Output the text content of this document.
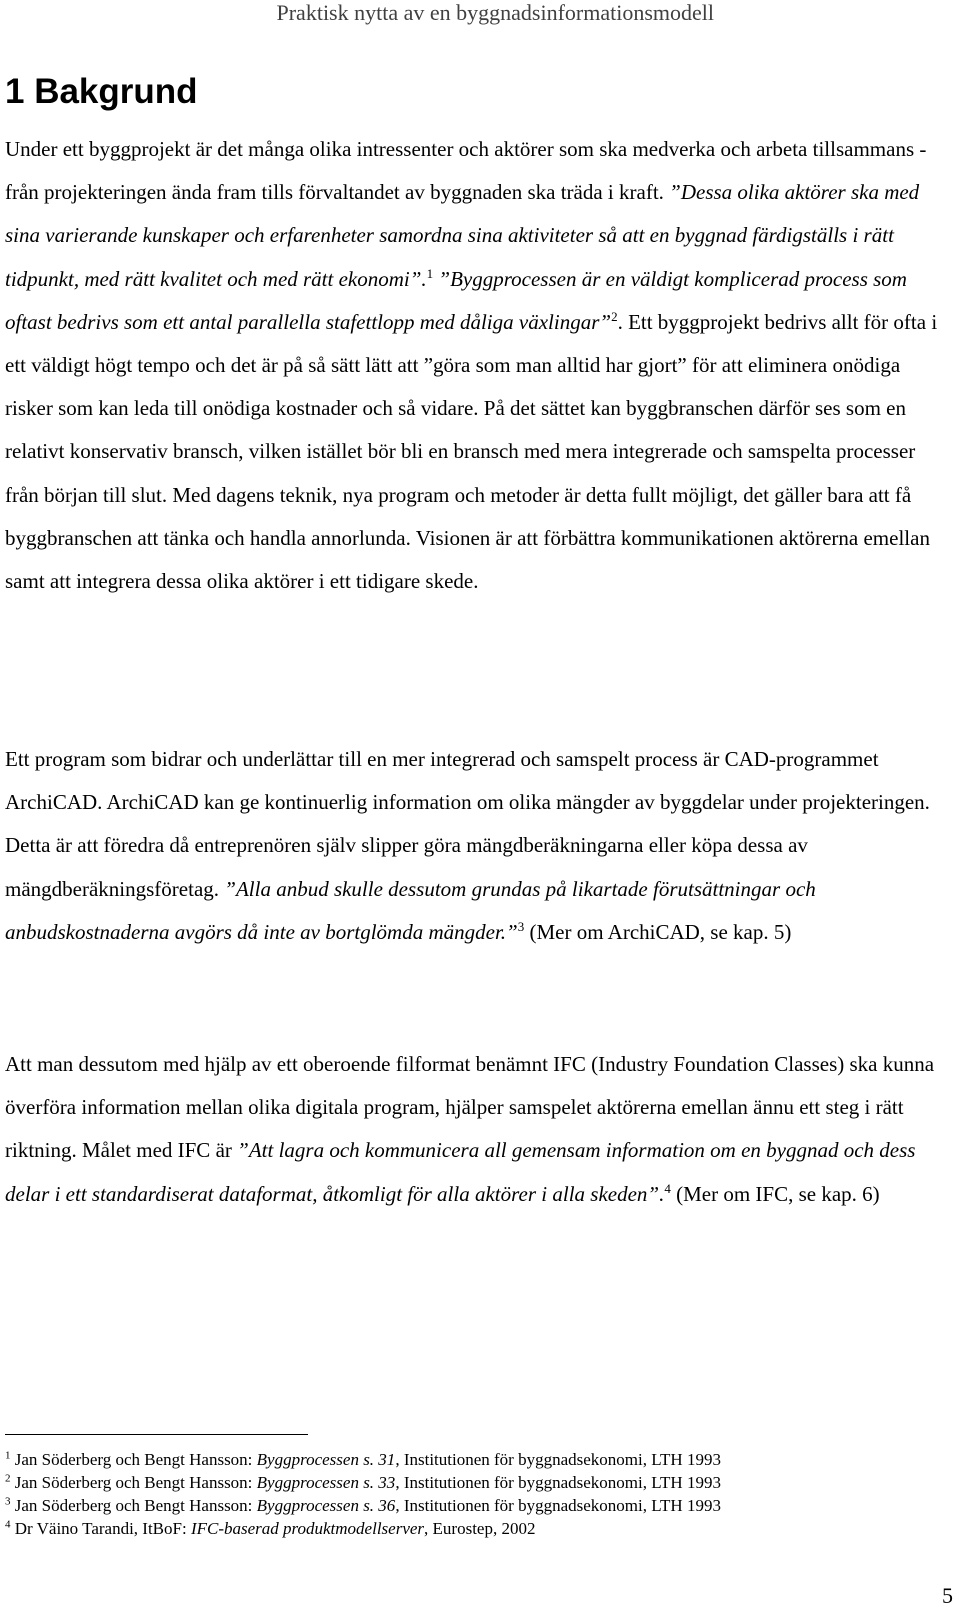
Praktisk nytta av en byggnadsinformationsmodell
1 Bakgrund

Under ett byggprojekt är det många olika intressenter och aktörer som ska medverka och arbeta tillsammans - från projekteringen ända fram tills förvaltandet av byggnaden ska träda i kraft. ”Dessa olika aktörer ska med sina varierande kunskaper och erfarenheter samordna sina aktiviteter så att en byggnad färdigställs i rätt tidpunkt, med rätt kvalitet och med rätt ekonomi”.$^1$ ”Byggprocessen är en väldigt komplicerad process som oftast bedrivs som ett antal parallella stafettlopp med dåliga växlingar”$^2$. Ett byggprojekt bedrivs allt för ofta i ett väldigt högt tempo och det är på så sätt lätt att ”göra som man alltid har gjort” för att eliminera onödiga risker som kan leda till onödiga kostnader och så vidare. På det sättet kan byggbranschen därför ses som en relativt konservativ bransch, vilken istället bör bli en bransch med mera integrerade och samspelta processer från början till slut. Med dagens teknik, nya program och metoder är detta fullt möjligt, det gäller bara att få byggbranschen att tänka och handla annorlunda. Visionen är att förbättra kommunikationen aktörerna emellan samt att integrera dessa olika aktörer i ett tidigare skede.

Ett program som bidrar och underlättar till en mer integrerad och samspelt process är CAD-programmet ArchiCAD. ArchiCAD kan ge kontinuerlig information om olika mängder av byggdelar under projekteringen. Detta är att föredra då entreprenören själv slipper göra mängdberäkningarna eller köpa dessa av mängdberäkningsföretag. ”Alla anbud skulle dessutom grundas på likartade förutsättningar och anbudskostnaderna avgörs då inte av bortglömda mängder.”$^3$ (Mer om ArchiCAD, se kap. 5)

Att man dessutom med hjälp av ett oberoende filformat benämnt IFC (Industry Foundation Classes) ska kunna överföra information mellan olika digitala program, hjälper samspelet aktörerna emellan ännu ett steg i rätt riktning. Målet med IFC är ”Att lagra och kommunicera all gemensam information om en byggnad och dess delar i ett standardiserat dataformat, åtkomligt för alla aktörer i alla skeden”.$^4$ (Mer om IFC, se kap. 6)

$^1$ Jan Söderberg och Bengt Hansson: Byggprocessen s. 31, Institutionen för byggnadsekonomi, LTH 1993

$^2$ Jan Söderberg och Bengt Hansson: Byggprocessen s. 33, Institutionen för byggnadsekonomi, LTH 1993

$^3$ Jan Söderberg och Bengt Hansson: Byggprocessen s. 36, Institutionen för byggnadsekonomi, LTH 1993

$^4$ Dr Väino Tarandi, ItBoF: IFC-baserad produktmodellserver, Eurostep, 2002

5
